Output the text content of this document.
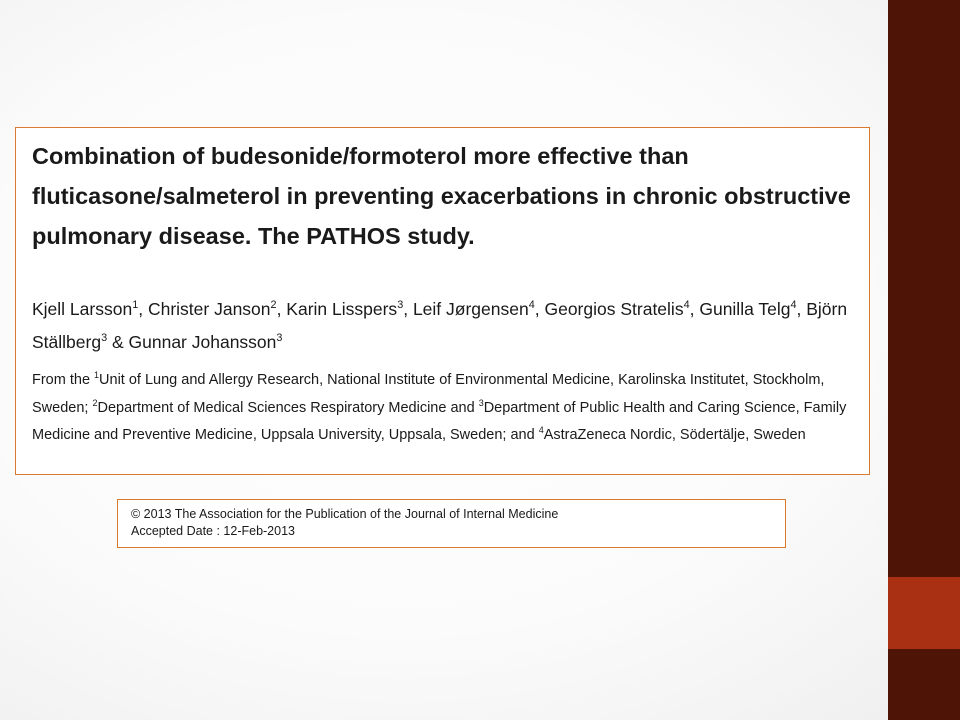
Combination of budesonide/formoterol more effective than fluticasone/salmeterol in preventing exacerbations in chronic obstructive pulmonary disease. The PATHOS study.

Kjell Larsson$^1$, Christer Janson$^2$, Karin Lisspers$^3$, Leif Jørgensen$^4$, Georgios Stratelis$^4$, Gunilla Telg$^4$, Björn Ställberg$^3$ & Gunnar Johansson$^3$

From the $^1$Unit of Lung and Allergy Research, National Institute of Environmental Medicine, Karolinska Institutet, Stockholm, Sweden; $^2$Department of Medical Sciences Respiratory Medicine and $^3$Department of Public Health and Caring Science, Family Medicine and Preventive Medicine, Uppsala University, Uppsala, Sweden; and $^4$AstraZeneca Nordic, Södertälje, Sweden

© 2013 The Association for the Publication of the Journal of Internal Medicine
Accepted Date : 12-Feb-2013
